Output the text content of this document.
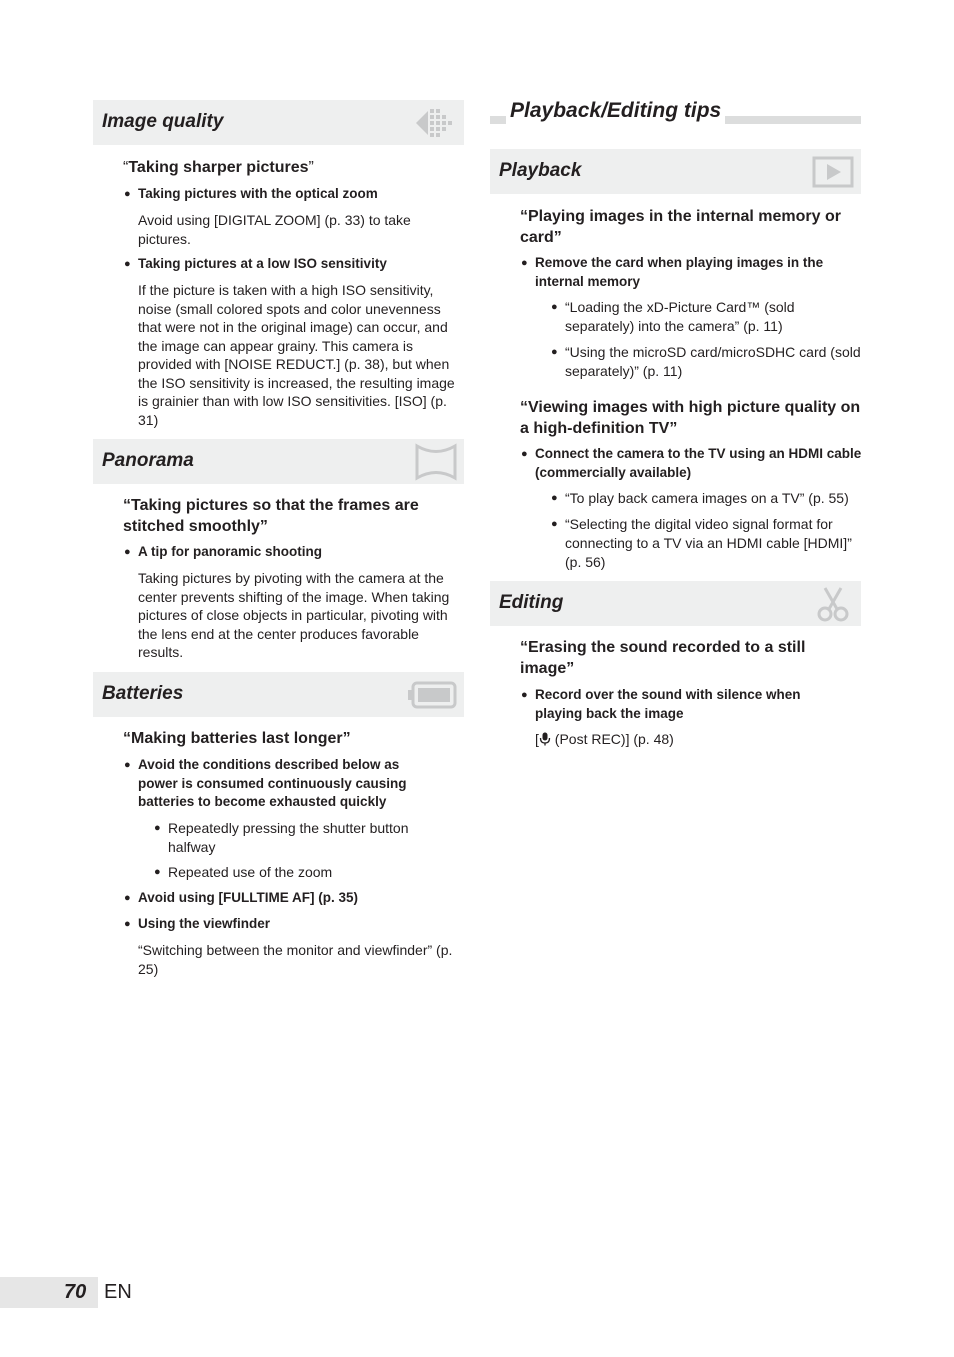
Image quality
“Taking sharper pictures”
● Taking pictures with the optical zoom
Avoid using [DIGITAL ZOOM] (p. 33) to take pictures.
● Taking pictures at a low ISO sensitivity
If the picture is taken with a high ISO sensitivity, noise (small colored spots and color unevenness that were not in the original image) can occur, and the image can appear grainy. This camera is provided with [NOISE REDUCT.] (p. 38), but when the ISO sensitivity is increased, the resulting image is grainier than with low ISO sensitivities. [ISO] (p. 31)
Panorama
“Taking pictures so that the frames are stitched smoothly”
● A tip for panoramic shooting
Taking pictures by pivoting with the camera at the center prevents shifting of the image. When taking pictures of close objects in particular, pivoting with the lens end at the center produces favorable results.
Batteries
“Making batteries last longer”
● Avoid the conditions described below as power is consumed continuously causing batteries to become exhausted quickly
● Repeatedly pressing the shutter button halfway
● Repeated use of the zoom
● Avoid using [FULLTIME AF] (p. 35)
● Using the viewfinder
“Switching between the monitor and viewfinder” (p. 25)
Playback/Editing tips
Playback
“Playing images in the internal memory or card”
● Remove the card when playing images in the internal memory
● “Loading the xD-Picture Card™ (sold separately) into the camera” (p. 11)
● “Using the microSD card/microSDHC card (sold separately)” (p. 11)
“Viewing images with high picture quality on a high-definition TV”
● Connect the camera to the TV using an HDMI cable (commercially available)
● “To play back camera images on a TV” (p. 55)
● “Selecting the digital video signal format for connecting to a TV via an HDMI cable [HDMI]” (p. 56)
Editing
“Erasing the sound recorded to a still image”
● Record over the sound with silence when playing back the image
[ (Post REC)] (p. 48)
70 EN
